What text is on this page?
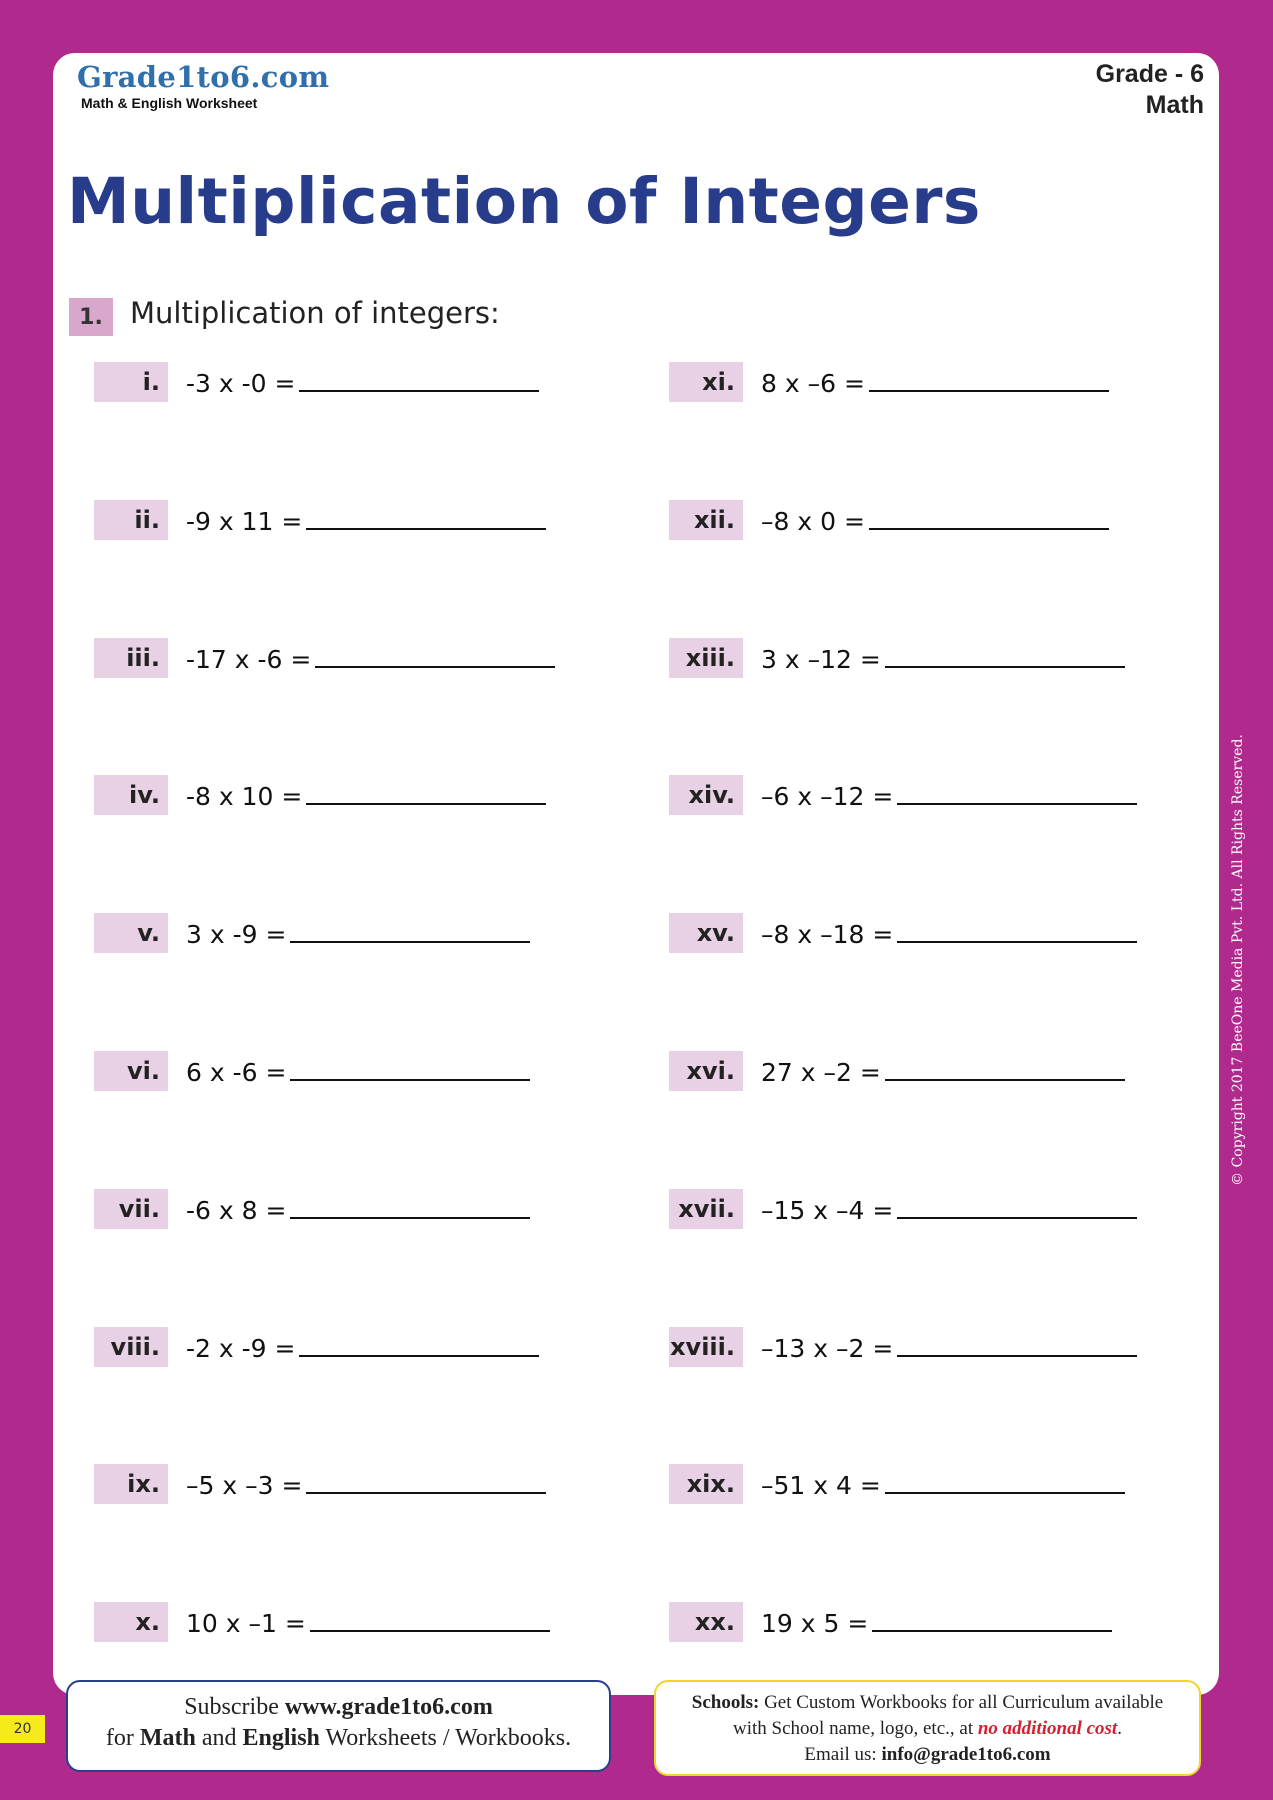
Grade1to6.com
Math & English Worksheet
Grade - 6
Math
Multiplication of Integers
1. Multiplication of integers:
i.	-3 x -0 =
ii.	-9 x 11 =
iii.	-17 x -6 =
iv.	-8 x 10 =
v.	3 x -9 =
vi.	6 x -6 =
vii.	-6 x 8 =
viii.	-2 x -9 =
ix.	–5 x –3 =
x.	10 x –1 =
xi.	8 x –6 =
xii.	–8 x 0 =
xiii.	3 x –12 =
xiv.	–6 x –12 =
xv.	–8 x –18 =
xvi.	27 x –2 =
xvii.	–15 x –4 =
xviii.	–13 x –2 =
xix.	–51 x 4 =
xx.	19 x 5 =
© Copyright 2017 BeeOne Media Pvt. Ltd. All Rights Reserved.
20
Subscribe www.grade1to6.com
for Math and English Worksheets / Workbooks.
Schools: Get Custom Workbooks for all Curriculum available
with School name, logo, etc., at no additional cost.
Email us: info@grade1to6.com
